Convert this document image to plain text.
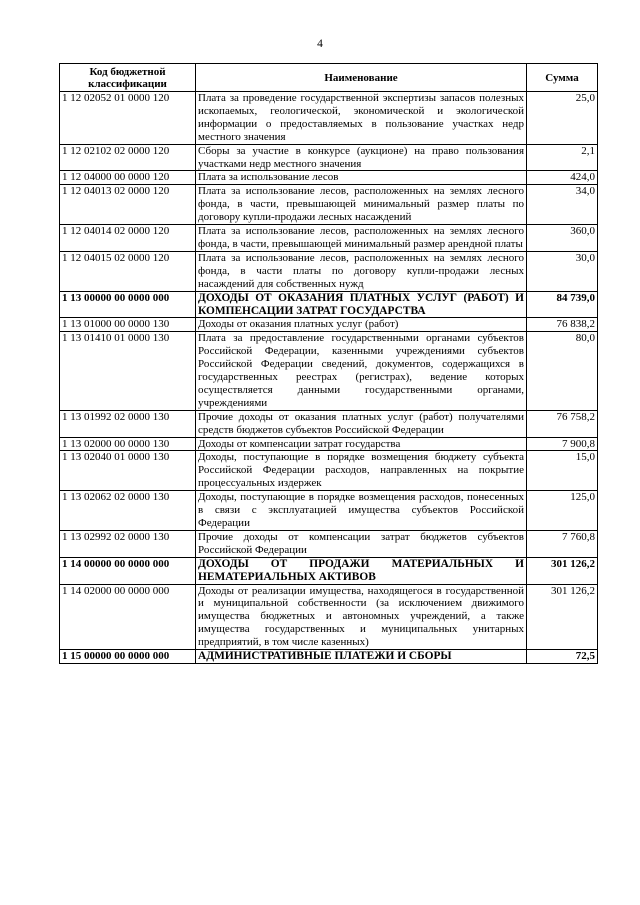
4
Код бюджетной классификации	Наименование	Сумма
1 12 02052 01 0000 120	Плата за проведение государственной экспертизы запасов полезных ископаемых, геологической, экономической и экологической информации о предоставляемых в пользование участках недр местного значения	25,0
1 12 02102 02 0000 120	Сборы за участие в конкурсе (аукционе) на право пользования участками недр местного значения	2,1
1 12 04000 00 0000 120	Плата за использование лесов	424,0
1 12 04013 02 0000 120	Плата за использование лесов, расположенных на землях лесного фонда, в части, превышающей минимальный размер платы по договору купли-продажи лесных насаждений	34,0
1 12 04014 02 0000 120	Плата за использование лесов, расположенных на землях лесного фонда, в части, превышающей минимальный размер арендной платы	360,0
1 12 04015 02 0000 120	Плата за использование лесов, расположенных на землях лесного фонда, в части платы по договору купли-продажи лесных насаждений для собственных нужд	30,0
1 13 00000 00 0000 000	ДОХОДЫ ОТ ОКАЗАНИЯ ПЛАТНЫХ УСЛУГ (РАБОТ) И КОМПЕНСАЦИИ ЗАТРАТ ГОСУДАРСТВА	84 739,0
1 13 01000 00 0000 130	Доходы от оказания платных услуг (работ)	76 838,2
1 13 01410 01 0000 130	Плата за предоставление государственными органами субъектов Российской Федерации, казенными учреждениями субъектов Российской Федерации сведений, документов, содержащихся в государственных реестрах (регистрах), ведение которых осуществляется данными государственными органами, учреждениями	80,0
1 13 01992 02 0000 130	Прочие доходы от оказания платных услуг (работ) получателями средств бюджетов субъектов Российской Федерации	76 758,2
1 13 02000 00 0000 130	Доходы от компенсации затрат государства	7 900,8
1 13 02040 01 0000 130	Доходы, поступающие в порядке возмещения бюджету субъекта Российской Федерации расходов, направленных на покрытие процессуальных издержек	15,0
1 13 02062 02 0000 130	Доходы, поступающие в порядке возмещения расходов, понесенных в связи с эксплуатацией имущества субъектов Российской Федерации	125,0
1 13 02992 02 0000 130	Прочие доходы от компенсации затрат бюджетов субъектов Российской Федерации	7 760,8
1 14 00000 00 0000 000	ДОХОДЫ ОТ ПРОДАЖИ МАТЕРИАЛЬНЫХ И НЕМАТЕРИАЛЬНЫХ АКТИВОВ	301 126,2
1 14 02000 00 0000 000	Доходы от реализации имущества, находящегося в государственной и муниципальной собственности (за исключением движимого имущества бюджетных и автономных учреждений, а также имущества государственных и муниципальных унитарных предприятий, в том числе казенных)	301 126,2
1 15 00000 00 0000 000	АДМИНИСТРАТИВНЫЕ ПЛАТЕЖИ И СБОРЫ	72,5
